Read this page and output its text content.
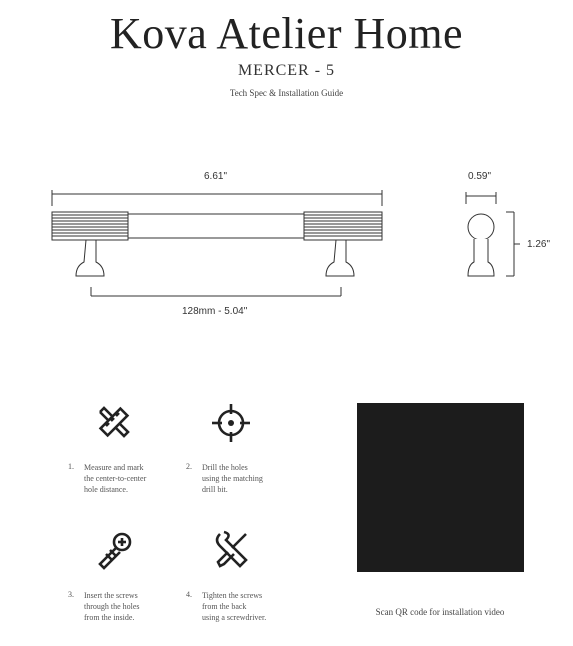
Kova Atelier Home
MERCER - 5
Tech Spec & Installation Guide
6.61"
128mm - 5.04"
0.59"
1.26"
1. Measure and mark
the center-to-center
hole distance.
2. Drill the holes
using the matching
drill bit.
3. Insert the screws
through the holes
from the inside.
4. Tighten the screws
from the back
using a screwdriver.
Scan QR code for installation video
